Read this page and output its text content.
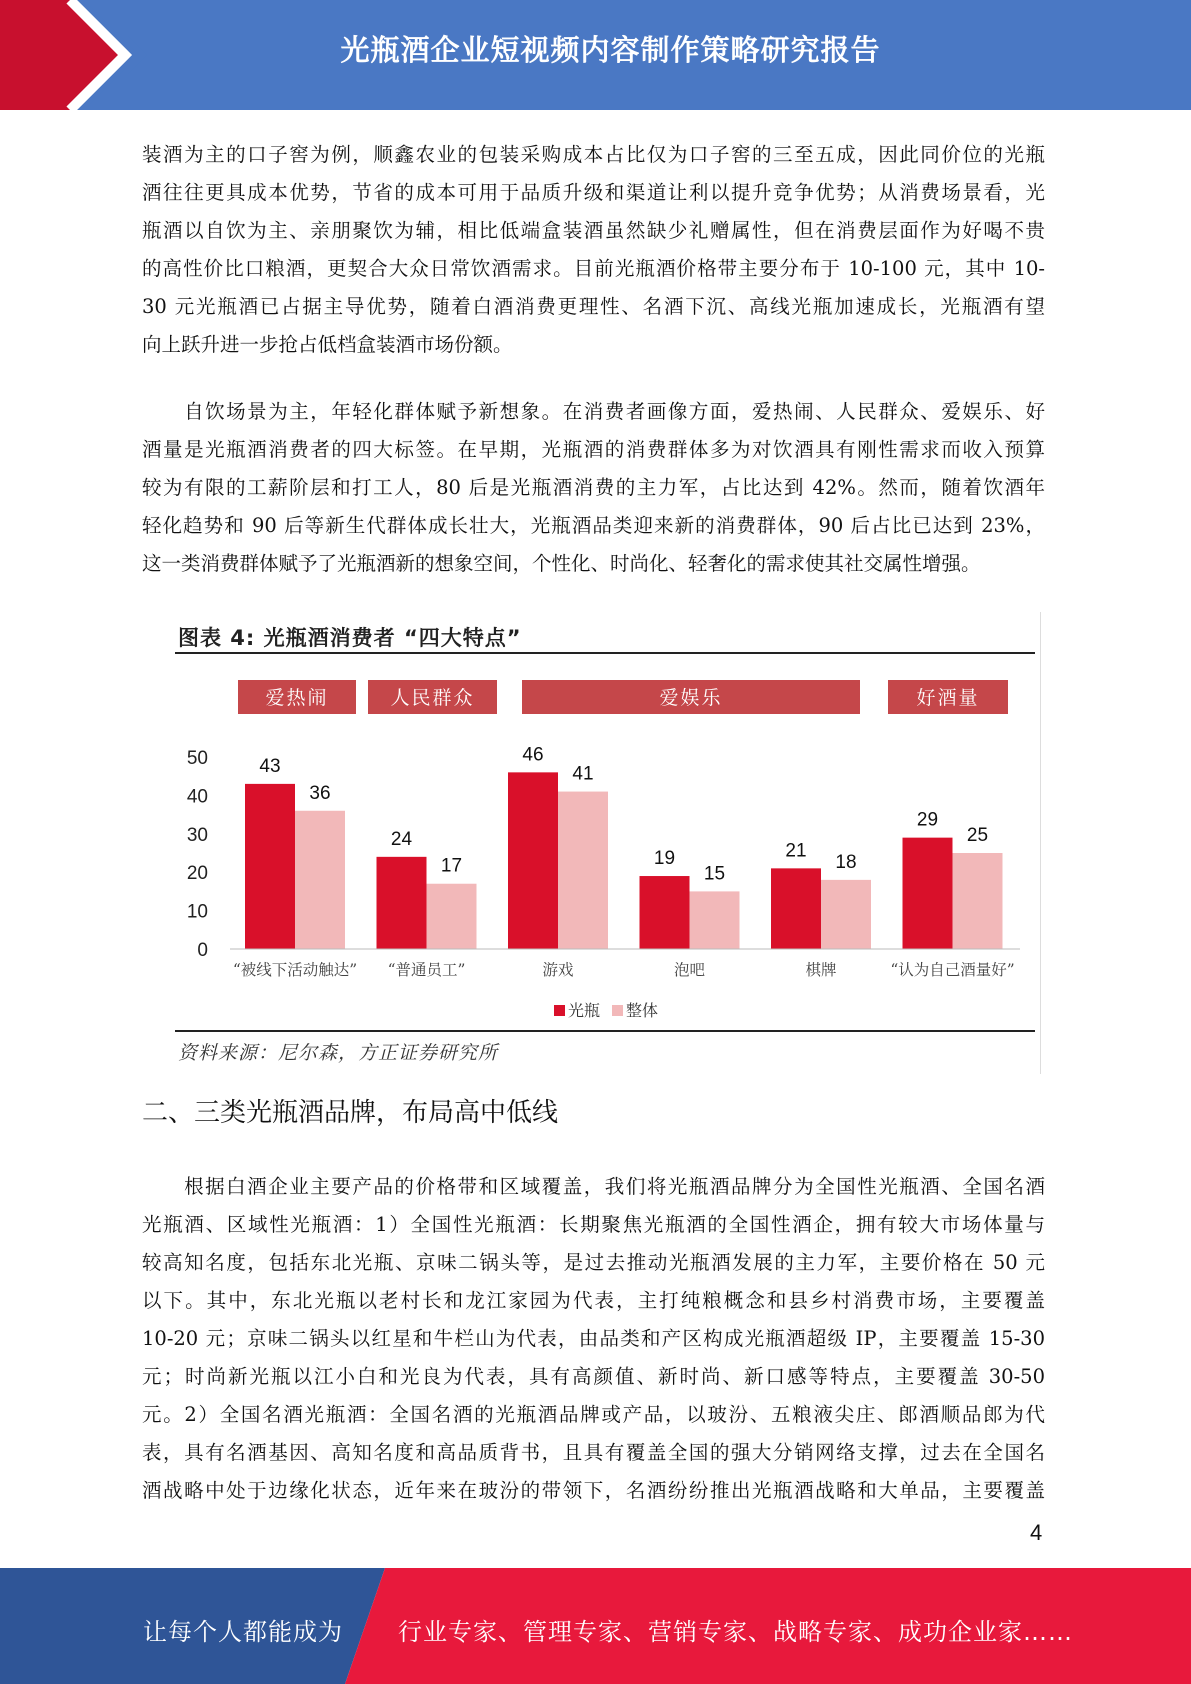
光瓶酒企业短视频内容制作策略研究报告
装酒为主的口子窖为例，顺鑫农业的包装采购成本占比仅为口子窖的三至五成，因此同价位的光瓶
酒往往更具成本优势，节省的成本可用于品质升级和渠道让利以提升竞争优势；从消费场景看，光
瓶酒以自饮为主、亲朋聚饮为辅，相比低端盒装酒虽然缺少礼赠属性，但在消费层面作为好喝不贵
的高性价比口粮酒，更契合大众日常饮酒需求。目前光瓶酒价格带主要分布于 10-100 元，其中 10-
30 元光瓶酒已占据主导优势，随着白酒消费更理性、名酒下沉、高线光瓶加速成长，光瓶酒有望
向上跃升进一步抢占低档盒装酒市场份额。
　　自饮场景为主，年轻化群体赋予新想象。在消费者画像方面，爱热闹、人民群众、爱娱乐、好
酒量是光瓶酒消费者的四大标签。在早期，光瓶酒的消费群体多为对饮酒具有刚性需求而收入预算
较为有限的工薪阶层和打工人，80 后是光瓶酒消费的主力军，占比达到 42%。然而，随着饮酒年
轻化趋势和 90 后等新生代群体成长壮大，光瓶酒品类迎来新的消费群体，90 后占比已达到 23%，
这一类消费群体赋予了光瓶酒新的想象空间，个性化、时尚化、轻奢化的需求使其社交属性增强。
图表 4: 光瓶酒消费者 “四大特点”
0
10
20
30
40
50
爱热闹	人民群众	爱娱乐	好酒量
43
36
“被线下活动触达”
24
17
“普通员工”
46
41
游戏
19
15
泡吧
21
18
棋牌
29
25
“认为自己酒量好”
光瓶 整体
资料来源：尼尔森，方正证券研究所
二、三类光瓶酒品牌，布局高中低线
　　根据白酒企业主要产品的价格带和区域覆盖，我们将光瓶酒品牌分为全国性光瓶酒、全国名酒
光瓶酒、区域性光瓶酒：1）全国性光瓶酒：长期聚焦光瓶酒的全国性酒企，拥有较大市场体量与
较高知名度，包括东北光瓶、京味二锅头等，是过去推动光瓶酒发展的主力军，主要价格在 50 元
以下。其中，东北光瓶以老村长和龙江家园为代表，主打纯粮概念和县乡村消费市场，主要覆盖
10-20 元；京味二锅头以红星和牛栏山为代表，由品类和产区构成光瓶酒超级 IP，主要覆盖 15-30
元；时尚新光瓶以江小白和光良为代表，具有高颜值、新时尚、新口感等特点，主要覆盖 30-50
元。2）全国名酒光瓶酒：全国名酒的光瓶酒品牌或产品，以玻汾、五粮液尖庄、郎酒顺品郎为代
表，具有名酒基因、高知名度和高品质背书，且具有覆盖全国的强大分销网络支撑，过去在全国名
酒战略中处于边缘化状态，近年来在玻汾的带领下，名酒纷纷推出光瓶酒战略和大单品，主要覆盖
4
让每个人都能成为 行业专家、管理专家、营销专家、战略专家、成功企业家……
